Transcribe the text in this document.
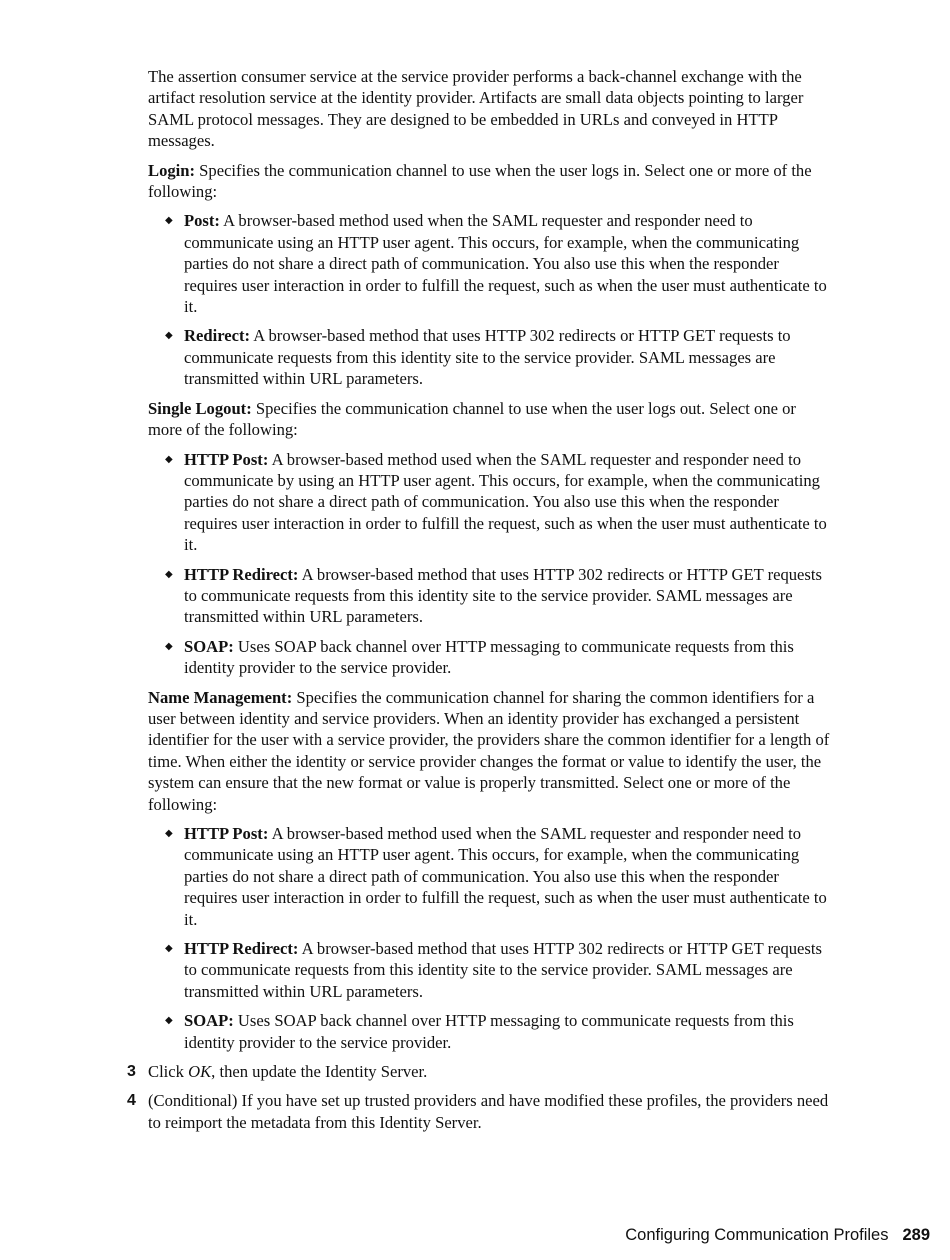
The assertion consumer service at the service provider performs a back-channel exchange with the artifact resolution service at the identity provider. Artifacts are small data objects pointing to larger SAML protocol messages. They are designed to be embedded in URLs and conveyed in HTTP messages.

Login: Specifies the communication channel to use when the user logs in. Select one or more of the following:

◆ Post: A browser-based method used when the SAML requester and responder need to communicate using an HTTP user agent. This occurs, for example, when the communicating parties do not share a direct path of communication. You also use this when the responder requires user interaction in order to fulfill the request, such as when the user must authenticate to it.
◆ Redirect: A browser-based method that uses HTTP 302 redirects or HTTP GET requests to communicate requests from this identity site to the service provider. SAML messages are transmitted within URL parameters.

Single Logout: Specifies the communication channel to use when the user logs out. Select one or more of the following:

◆ HTTP Post: A browser-based method used when the SAML requester and responder need to communicate by using an HTTP user agent. This occurs, for example, when the communicating parties do not share a direct path of communication. You also use this when the responder requires user interaction in order to fulfill the request, such as when the user must authenticate to it.
◆ HTTP Redirect: A browser-based method that uses HTTP 302 redirects or HTTP GET requests to communicate requests from this identity site to the service provider. SAML messages are transmitted within URL parameters.
◆ SOAP: Uses SOAP back channel over HTTP messaging to communicate requests from this identity provider to the service provider.

Name Management: Specifies the communication channel for sharing the common identifiers for a user between identity and service providers. When an identity provider has exchanged a persistent identifier for the user with a service provider, the providers share the common identifier for a length of time. When either the identity or service provider changes the format or value to identify the user, the system can ensure that the new format or value is properly transmitted. Select one or more of the following:

◆ HTTP Post: A browser-based method used when the SAML requester and responder need to communicate using an HTTP user agent. This occurs, for example, when the communicating parties do not share a direct path of communication. You also use this when the responder requires user interaction in order to fulfill the request, such as when the user must authenticate to it.
◆ HTTP Redirect: A browser-based method that uses HTTP 302 redirects or HTTP GET requests to communicate requests from this identity site to the service provider. SAML messages are transmitted within URL parameters.
◆ SOAP: Uses SOAP back channel over HTTP messaging to communicate requests from this identity provider to the service provider.
3 Click OK, then update the Identity Server.
4 (Conditional) If you have set up trusted providers and have modified these profiles, the providers need to reimport the metadata from this Identity Server.
Configuring Communication Profiles 289
